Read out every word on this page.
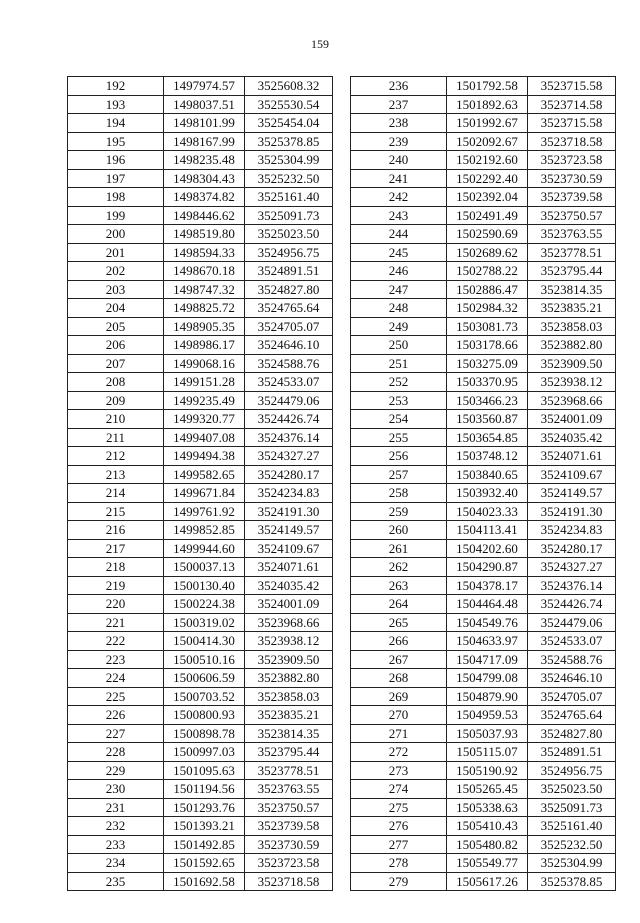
159
192	1497974.57	3525608.32
193	1498037.51	3525530.54
194	1498101.99	3525454.04
195	1498167.99	3525378.85
196	1498235.48	3525304.99
197	1498304.43	3525232.50
198	1498374.82	3525161.40
199	1498446.62	3525091.73
200	1498519.80	3525023.50
201	1498594.33	3524956.75
202	1498670.18	3524891.51
203	1498747.32	3524827.80
204	1498825.72	3524765.64
205	1498905.35	3524705.07
206	1498986.17	3524646.10
207	1499068.16	3524588.76
208	1499151.28	3524533.07
209	1499235.49	3524479.06
210	1499320.77	3524426.74
211	1499407.08	3524376.14
212	1499494.38	3524327.27
213	1499582.65	3524280.17
214	1499671.84	3524234.83
215	1499761.92	3524191.30
216	1499852.85	3524149.57
217	1499944.60	3524109.67
218	1500037.13	3524071.61
219	1500130.40	3524035.42
220	1500224.38	3524001.09
221	1500319.02	3523968.66
222	1500414.30	3523938.12
223	1500510.16	3523909.50
224	1500606.59	3523882.80
225	1500703.52	3523858.03
226	1500800.93	3523835.21
227	1500898.78	3523814.35
228	1500997.03	3523795.44
229	1501095.63	3523778.51
230	1501194.56	3523763.55
231	1501293.76	3523750.57
232	1501393.21	3523739.58
233	1501492.85	3523730.59
234	1501592.65	3523723.58
235	1501692.58	3523718.58
236	1501792.58	3523715.58
237	1501892.63	3523714.58
238	1501992.67	3523715.58
239	1502092.67	3523718.58
240	1502192.60	3523723.58
241	1502292.40	3523730.59
242	1502392.04	3523739.58
243	1502491.49	3523750.57
244	1502590.69	3523763.55
245	1502689.62	3523778.51
246	1502788.22	3523795.44
247	1502886.47	3523814.35
248	1502984.32	3523835.21
249	1503081.73	3523858.03
250	1503178.66	3523882.80
251	1503275.09	3523909.50
252	1503370.95	3523938.12
253	1503466.23	3523968.66
254	1503560.87	3524001.09
255	1503654.85	3524035.42
256	1503748.12	3524071.61
257	1503840.65	3524109.67
258	1503932.40	3524149.57
259	1504023.33	3524191.30
260	1504113.41	3524234.83
261	1504202.60	3524280.17
262	1504290.87	3524327.27
263	1504378.17	3524376.14
264	1504464.48	3524426.74
265	1504549.76	3524479.06
266	1504633.97	3524533.07
267	1504717.09	3524588.76
268	1504799.08	3524646.10
269	1504879.90	3524705.07
270	1504959.53	3524765.64
271	1505037.93	3524827.80
272	1505115.07	3524891.51
273	1505190.92	3524956.75
274	1505265.45	3525023.50
275	1505338.63	3525091.73
276	1505410.43	3525161.40
277	1505480.82	3525232.50
278	1505549.77	3525304.99
279	1505617.26	3525378.85
